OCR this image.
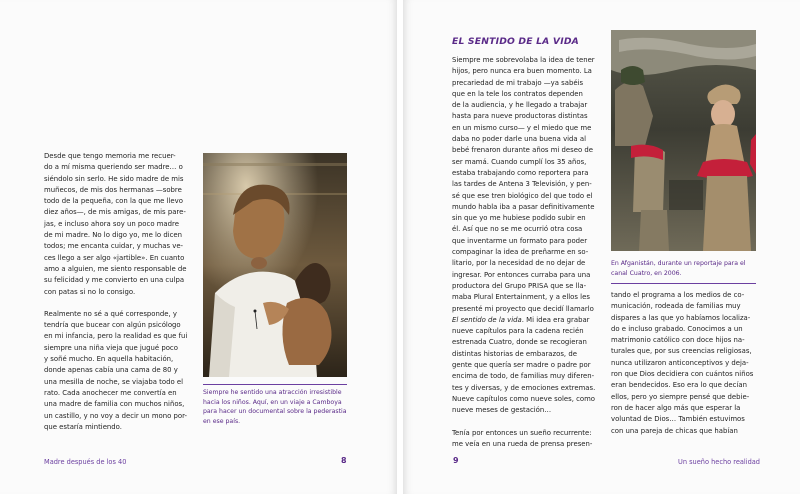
Desde que tengo memoria me recuer-
do a mí misma queriendo ser madre… o
siéndolo sin serlo. He sido madre de mis
muñecos, de mis dos hermanas —sobre
todo de la pequeña, con la que me llevo
diez años—, de mis amigas, de mis pare-
jas, e incluso ahora soy un poco madre
de mi madre. No lo digo yo, me lo dicen
todos; me encanta cuidar, y muchas ve-
ces llego a ser algo «jartible». En cuanto
amo a alguien, me siento responsable de
su felicidad y me convierto en una culpa
con patas si no lo consigo.

Realmente no sé a qué corresponde, y
tendría que bucear con algún psicólogo
en mi infancia, pero la realidad es que fui
siempre una niña vieja que jugué poco
y soñé mucho. En aquella habitación,
donde apenas cabía una cama de 80 y
una mesilla de noche, se viajaba todo el
rato. Cada anochecer me convertía en
una madre de familia con muchos niños,
un castillo, y no voy a decir un mono por-
que estaría mintiendo.

Siempre he sentido una atracción irresistible
hacia los niños. Aquí, en un viaje a Camboya
para hacer un documental sobre la pederastia
en ese país.
Madre después de los 40	8
EL SENTIDO DE LA VIDA

Siempre me sobrevolaba la idea de tener
hijos, pero nunca era buen momento. La
precariedad de mi trabajo —ya sabéis
que en la tele los contratos dependen
de la audiencia, y he llegado a trabajar
hasta para nueve productoras distintas
en un mismo curso— y el miedo que me
daba no poder darle una buena vida al
bebé frenaron durante años mi deseo de
ser mamá. Cuando cumplí los 35 años,
estaba trabajando como reportera para
las tardes de Antena 3 Televisión, y pen-
sé que ese tren biológico del que todo el
mundo habla iba a pasar definitivamente
sin que yo me hubiese podido subir en
él. Así que no se me ocurrió otra cosa
que inventarme un formato para poder
compaginar la idea de preñarme en so-
litario, por la necesidad de no dejar de
ingresar. Por entonces curraba para una
productora del Grupo PRISA que se lla-
maba Plural Entertainment, y a ellos les
presenté mi proyecto que decidí llamarlo

El sentido de la vida. Mi idea era grabar
nueve capítulos para la cadena recién
estrenada Cuatro, donde se recogieran
distintas historias de embarazos, de
gente que quería ser madre o padre por
encima de todo, de familias muy diferen-
tes y diversas, y de emociones extremas.
Nueve capítulos como nueve soles, como
nueve meses de gestación…

Tenía por entonces un sueño recurrente:
me veía en una rueda de prensa presen-

En Afganistán, durante un reportaje para el
canal Cuatro, en 2006.

tando el programa a los medios de co-
municación, rodeada de familias muy
dispares a las que yo habíamos localiza-
do e incluso grabado. Conocimos a un
matrimonio católico con doce hijos na-
turales que, por sus creencias religiosas,
nunca utilizaron anticonceptivos y deja-
ron que Dios decidiera con cuántos niños
eran bendecidos. Eso era lo que decían
ellos, pero yo siempre pensé que debie-
ron de hacer algo más que esperar la
voluntad de Dios… También estuvimos
con una pareja de chicas que habían

9	Un sueño hecho realidad
